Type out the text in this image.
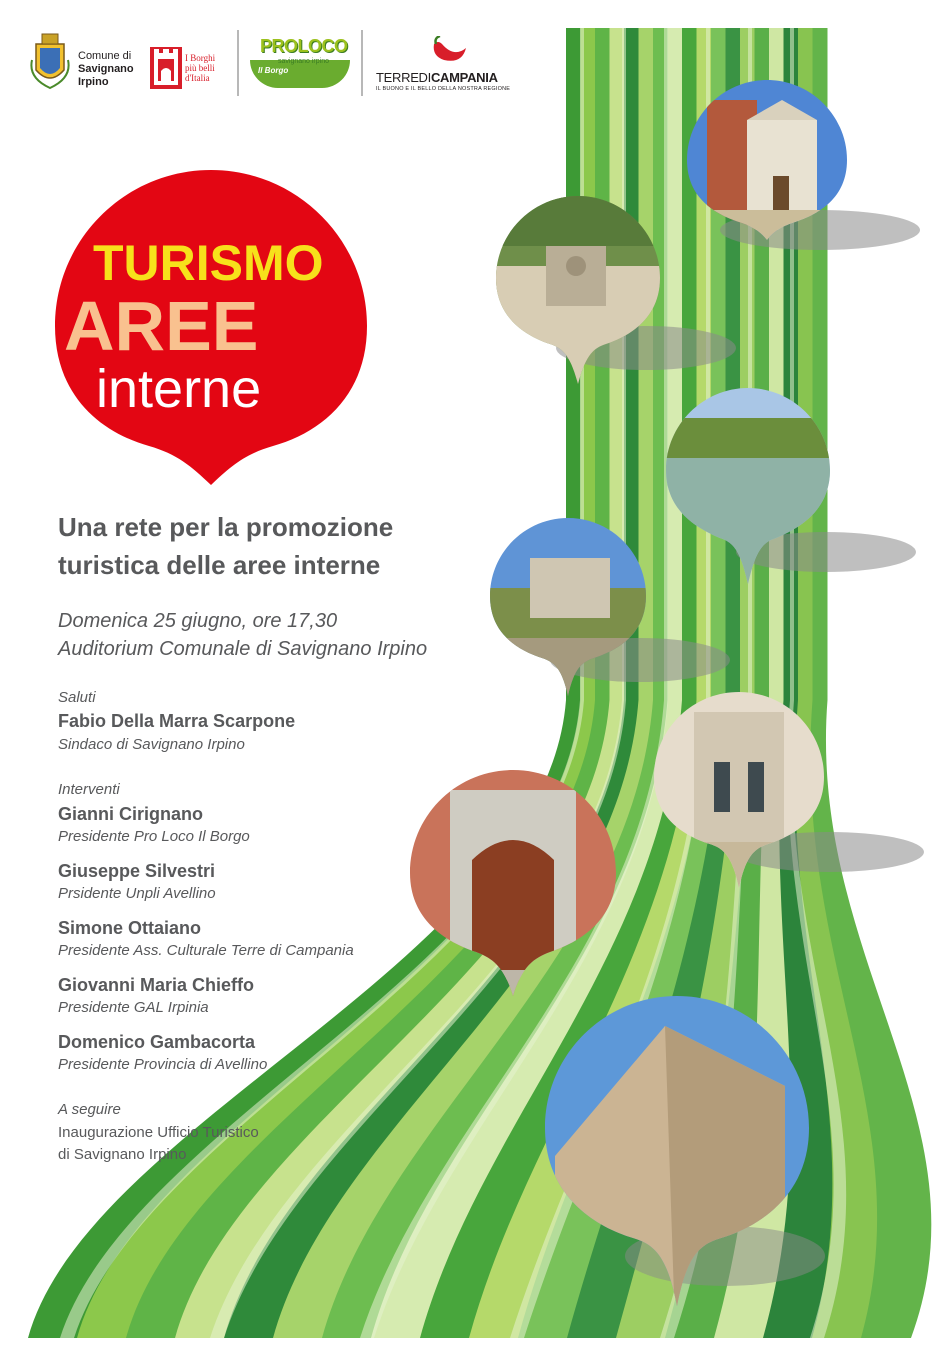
Comune di
Savignano
Irpino
I Borghi
più belli
d'Italia
PROLOCO
savignano irpino
Il Borgo	TERREDICAMPANIA
IL BUONO E IL BELLO DELLA NOSTRA REGIONE
TURISMO
AREE
interne
Una rete per la promozione
turistica delle aree interne
Domenica 25 giugno, ore 17,30
Auditorium Comunale di Savignano Irpino
Saluti
Fabio Della Marra Scarpone
Sindaco di Savignano Irpino
Interventi
Gianni Cirignano
Presidente Pro Loco Il Borgo
Giuseppe Silvestri
Prsidente Unpli Avellino
Simone Ottaiano
Presidente Ass. Culturale Terre di Campania
Giovanni Maria Chieffo
Presidente GAL Irpinia
Domenico Gambacorta
Presidente Provincia di Avellino
A seguire
Inaugurazione Ufficio Turistico
di Savignano Irpino
